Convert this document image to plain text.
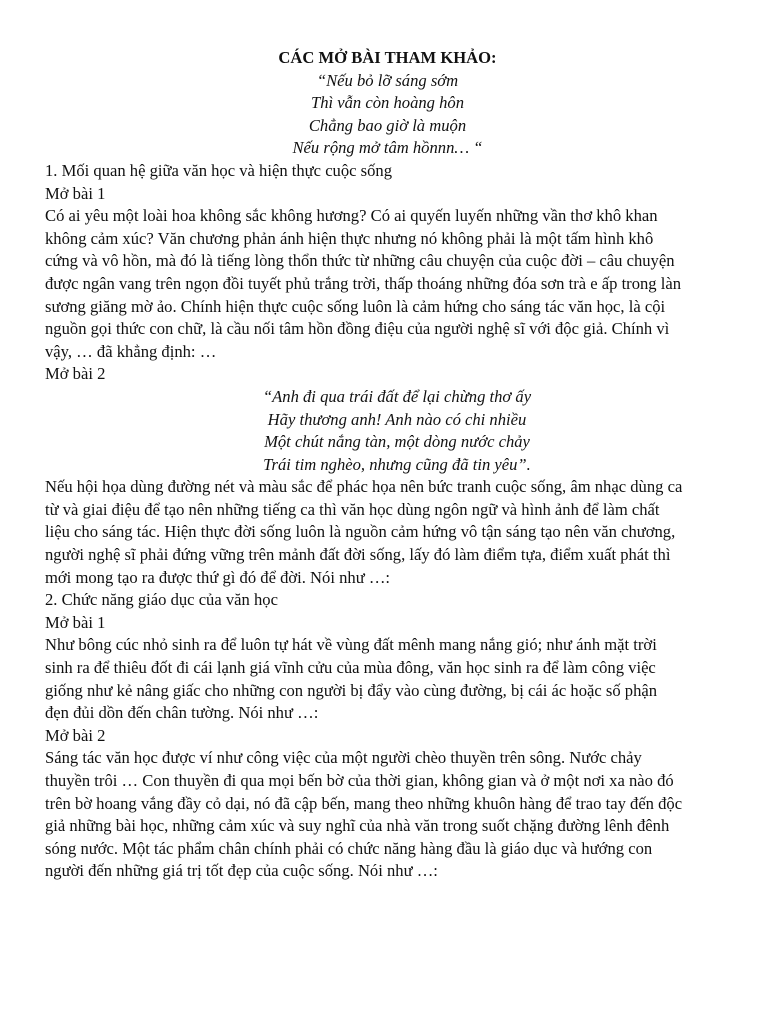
CÁC MỞ BÀI THAM KHẢO:
“Nếu bỏ lỡ sáng sớm
Thì vẫn còn hoàng hôn
Chẳng bao giờ là muộn
Nếu rộng mở tâm hồnnn… “
1. Mối quan hệ giữa văn học và hiện thực cuộc sống
Mở bài 1
Có ai yêu một loài hoa không sắc không hương? Có ai quyến luyến những vần thơ khô khan
không cảm xúc? Văn chương phản ánh hiện thực nhưng nó không phải là một tấm hình khô
cứng và vô hồn, mà đó là tiếng lòng thổn thức từ những câu chuyện của cuộc đời – câu chuyện
được ngân vang trên ngọn đồi tuyết phủ trắng trời, thấp thoáng những đóa sơn trà e ấp trong làn
sương giăng mờ ảo. Chính hiện thực cuộc sống luôn là cảm hứng cho sáng tác văn học, là cội
nguồn gọi thức con chữ, là cầu nối tâm hồn đồng điệu của người nghệ sĩ với độc giả. Chính vì
vậy, … đã khẳng định: …
Mở bài 2
“Anh đi qua trái đất để lại chừng thơ ấy
Hãy thương anh! Anh nào có chi nhiều
Một chút nắng tàn, một dòng nước chảy
Trái tim nghèo, nhưng cũng đã tin yêu”.
Nếu hội họa dùng đường nét và màu sắc để phác họa nên bức tranh cuộc sống, âm nhạc dùng ca
từ và giai điệu để tạo nên những tiếng ca thì văn học dùng ngôn ngữ và hình ảnh để làm chất
liệu cho sáng tác. Hiện thực đời sống luôn là nguồn cảm hứng vô tận sáng tạo nên văn chương,
người nghệ sĩ phải đứng vững trên mảnh đất đời sống, lấy đó làm điểm tựa, điểm xuất phát thì
mới mong tạo ra được thứ gì đó để đời. Nói như …:
2. Chức năng giáo dục của văn học
Mở bài 1
Như bông cúc nhỏ sinh ra để luôn tự hát về vùng đất mênh mang nắng gió; như ánh mặt trời
sinh ra để thiêu đốt đi cái lạnh giá vĩnh cửu của mùa đông, văn học sinh ra để làm công việc
giống như kẻ nâng giấc cho những con người bị đẩy vào cùng đường, bị cái ác hoặc số phận
đẹn đủi dồn đến chân tường. Nói như …:
Mở bài 2
Sáng tác văn học được ví như công việc của một người chèo thuyền trên sông. Nước chảy
thuyền trôi … Con thuyền đi qua mọi bến bờ của thời gian, không gian và ở một nơi xa nào đó
trên bờ hoang vắng đầy cỏ dại, nó đã cập bến, mang theo những khuôn hàng để trao tay đến độc
giả những bài học, những cảm xúc và suy nghĩ của nhà văn trong suốt chặng đường lênh đênh
sóng nước. Một tác phẩm chân chính phải có chức năng hàng đầu là giáo dục và hướng con
người đến những giá trị tốt đẹp của cuộc sống. Nói như …:
